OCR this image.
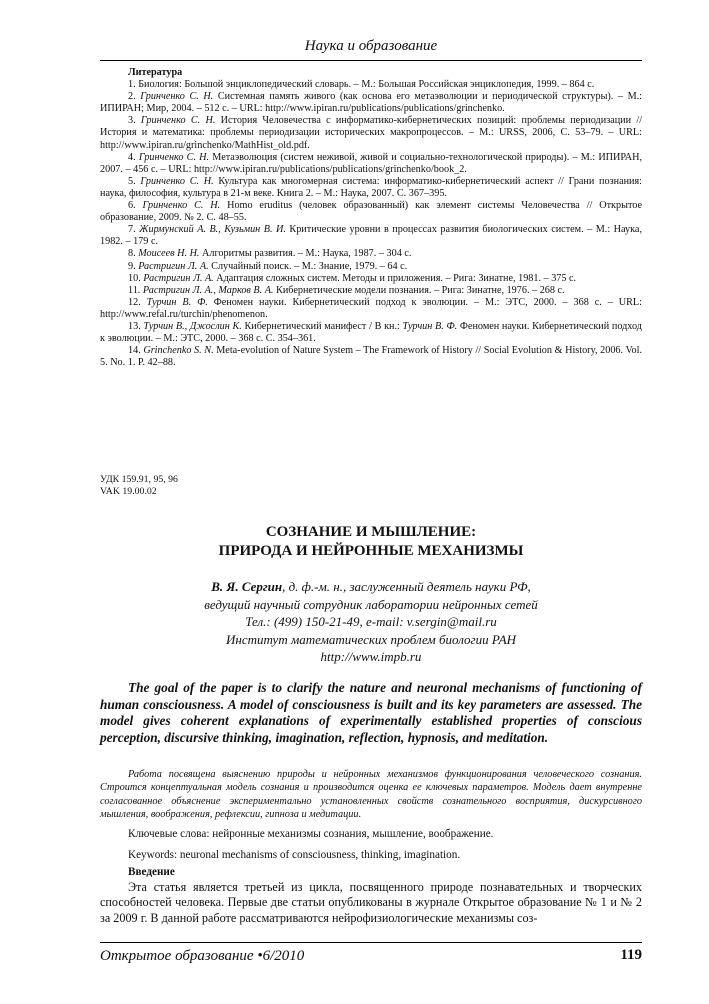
Наука и образование
Литература

1. Биология: Большой энциклопедический словарь. – М.: Большая Российская энциклопедия, 1999. – 864 с.

2. Гринченко С. Н. Системная память живого (как основа его метаэволюции и периодической структуры). – М.: ИПИРАН; Мир, 2004. – 512 с. – URL: http://www.ipiran.ru/publications/publications/grinchenko.

3. Гринченко С. Н. История Человечества с информатико-кибернетических позиций: проблемы периодизации // История и математика: проблемы периодизации исторических макропроцессов. – М.: URSS, 2006, С. 53–79. – URL: http://www.ipiran.ru/grinchenko/MathHist_old.pdf.

4. Гринченко С. Н. Метаэволюция (систем неживой, живой и социально-технологической природы). – М.: ИПИРАН, 2007. – 456 с. – URL: http://www.ipiran.ru/publications/publications/grinchenko/book_2.

5. Гринченко С. Н. Культура как многомерная система: информатико-кибернетический аспект // Грани познания: наука, философия, культура в 21-м веке. Книга 2. – М.: Наука, 2007. С. 367–395.

6. Гринченко С. Н. Homo eruditus (человек образованный) как элемент системы Человечества // Открытое образование, 2009. № 2. С. 48–55.

7. Жирмунский А. В., Кузьмин В. И. Критические уровни в процессах развития биологических систем. – М.: Наука, 1982. – 179 с.

8. Моисеев Н. Н. Алгоритмы развития. – М.: Наука, 1987. – 304 с.

9. Растригин Л. А. Случайный поиск. – М.: Знание, 1979. – 64 с.

10. Растригин Л. А. Адаптация сложных систем. Методы и приложения. – Рига: Зинатне, 1981. – 375 с.

11. Растригин Л. А., Марков В. А. Кибернетические модели познания. – Рига: Зинатне, 1976. – 268 с.

12. Турчин В. Ф. Феномен науки. Кибернетический подход к эволюции. – М.: ЭТС, 2000. – 368 с. – URL: http://www.refal.ru/turchin/phenomenon.

13. Турчин В., Джослин К. Кибернетический манифест / В кн.: Турчин В. Ф. Феномен науки. Кибернетический подход к эволюции. – М.: ЭТС, 2000. – 368 с. С. 354–361.

14. Grinchenko S. N. Meta-evolution of Nature System – The Framework of History // Social Evolution & History, 2006. Vol. 5. No. 1. P. 42–88.

УДК 159.91, 95, 96
VAK 19.00.02
СОЗНАНИЕ И МЫШЛЕНИЕ:
ПРИРОДА И НЕЙРОННЫЕ МЕХАНИЗМЫ
В. Я. Сергин, д. ф.-м. н., заслуженный деятель науки РФ,
ведущий научный сотрудник лаборатории нейронных сетей
Тел.: (499) 150-21-49, e-mail: v.sergin@mail.ru
Институт математических проблем биологии РАН
http://www.impb.ru
The goal of the paper is to clarify the nature and neuronal mechanisms of functioning of human consciousness. A model of consciousness is built and its key parameters are assessed. The model gives coherent explanations of experimentally established properties of conscious perception, discursive thinking, imagination, reflection, hypnosis, and meditation.
Работа посвящена выяснению природы и нейронных механизмов функционирования человеческого сознания. Строится концептуальная модель сознания и производится оценка ее ключевых параметров. Модель дает внутренне согласованное объяснение экспериментально установленных свойств сознательного восприятия, дискурсивного мышления, воображения, рефлексии, гипноза и медитации.
Ключевые слова: нейронные механизмы сознания, мышление, воображение.
Keywords: neuronal mechanisms of consciousness, thinking, imagination.
Введение
Эта статья является третьей из цикла, посвященного природе познавательных и творческих способностей человека. Первые две статьи опубликованы в журнале Открытое образование № 1 и № 2 за 2009 г. В данной работе рассматриваются нейрофизиологические механизмы соз-
Открытое образование •6/2010	119
